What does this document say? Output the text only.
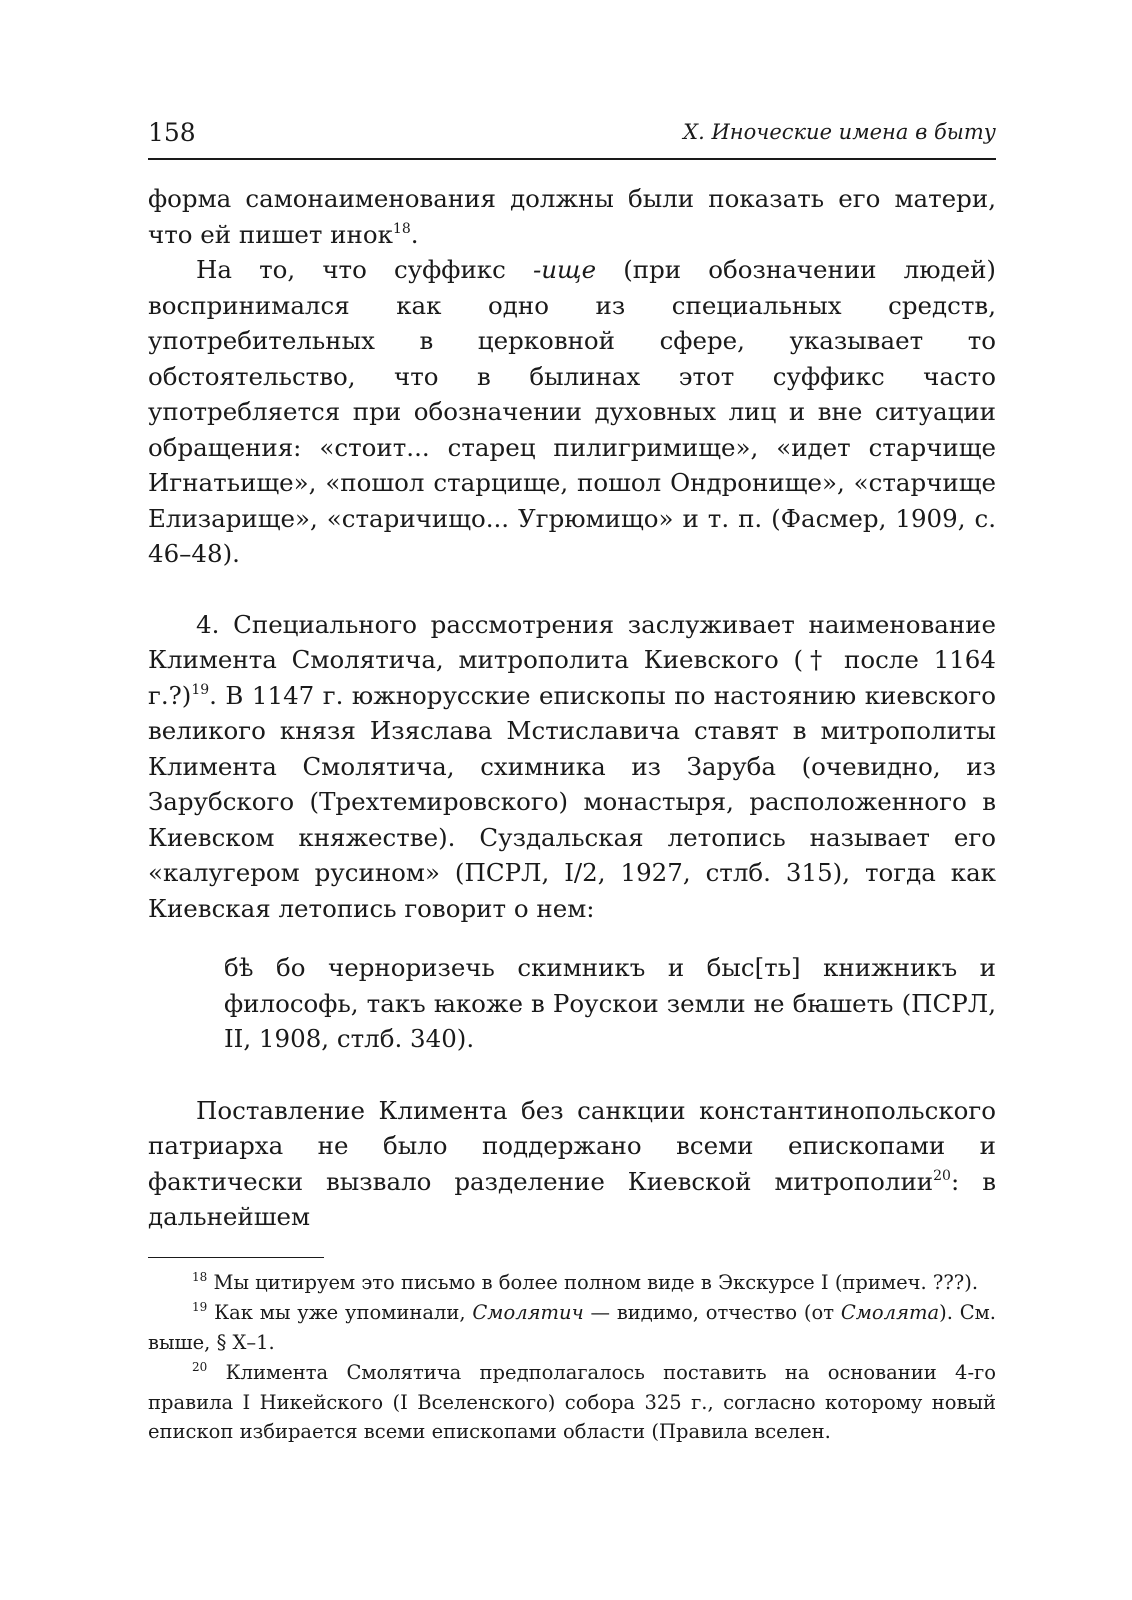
158	X. Иноческие имена в быту

форма самонаименования должны были показать его матери, что ей пишет инок$^{18}$.

На то, что суффикс -ище (при обозначении людей) воспринимался как одно из специальных средств, употребительных в церковной сфере, указывает то обстоятельство, что в былинах этот суффикс часто употребляется при обозначении духовных лиц и вне ситуации обращения: «стоит... старец пилигримище», «идет старчище Игнатьище», «пошол старцище, пошол Ондронище», «старчище Елизарище», «старичищо... Угрюмищо» и т. п. (Фасмер, 1909, с. 46–48).

4. Специального рассмотрения заслуживает наименование Климента Смолятича, митрополита Киевского († после 1164 г.?)$^{19}$. В 1147 г. южнорусские епископы по настоянию киевского великого князя Изяслава Мстиславича ставят в митрополиты Климента Смолятича, схимника из Заруба (очевидно, из Зарубского (Трехтемировского) монастыря, расположенного в Киевском княжестве). Суздальская летопись называет его «калугером русином» (ПСРЛ, I/2, 1927, стлб. 315), тогда как Киевская летопись говорит о нем:

бѣ бо черноризечь скимникъ и быс[ть] книжникъ и философь, такъ ꙗкоже в Роускои земли не бꙗшеть (ПСРЛ, II, 1908, стлб. 340).

Поставление Климента без санкции константинопольского патриарха не было поддержано всеми епископами и фактически вызвало разделение Киевской митрополии$^{20}$: в дальнейшем

$^{18}$ Мы цитируем это письмо в более полном виде в Экскурсе I (примеч. ???).

$^{19}$ Как мы уже упоминали, Смолятич — видимо, отчество (от Смолята). См. выше, § X–1.

$^{20}$ Климента Смолятича предполагалось поставить на основании 4-го правила I Никейского (I Вселенского) собора 325 г., согласно которому новый епископ избирается всеми епископами области (Правила вселен.
